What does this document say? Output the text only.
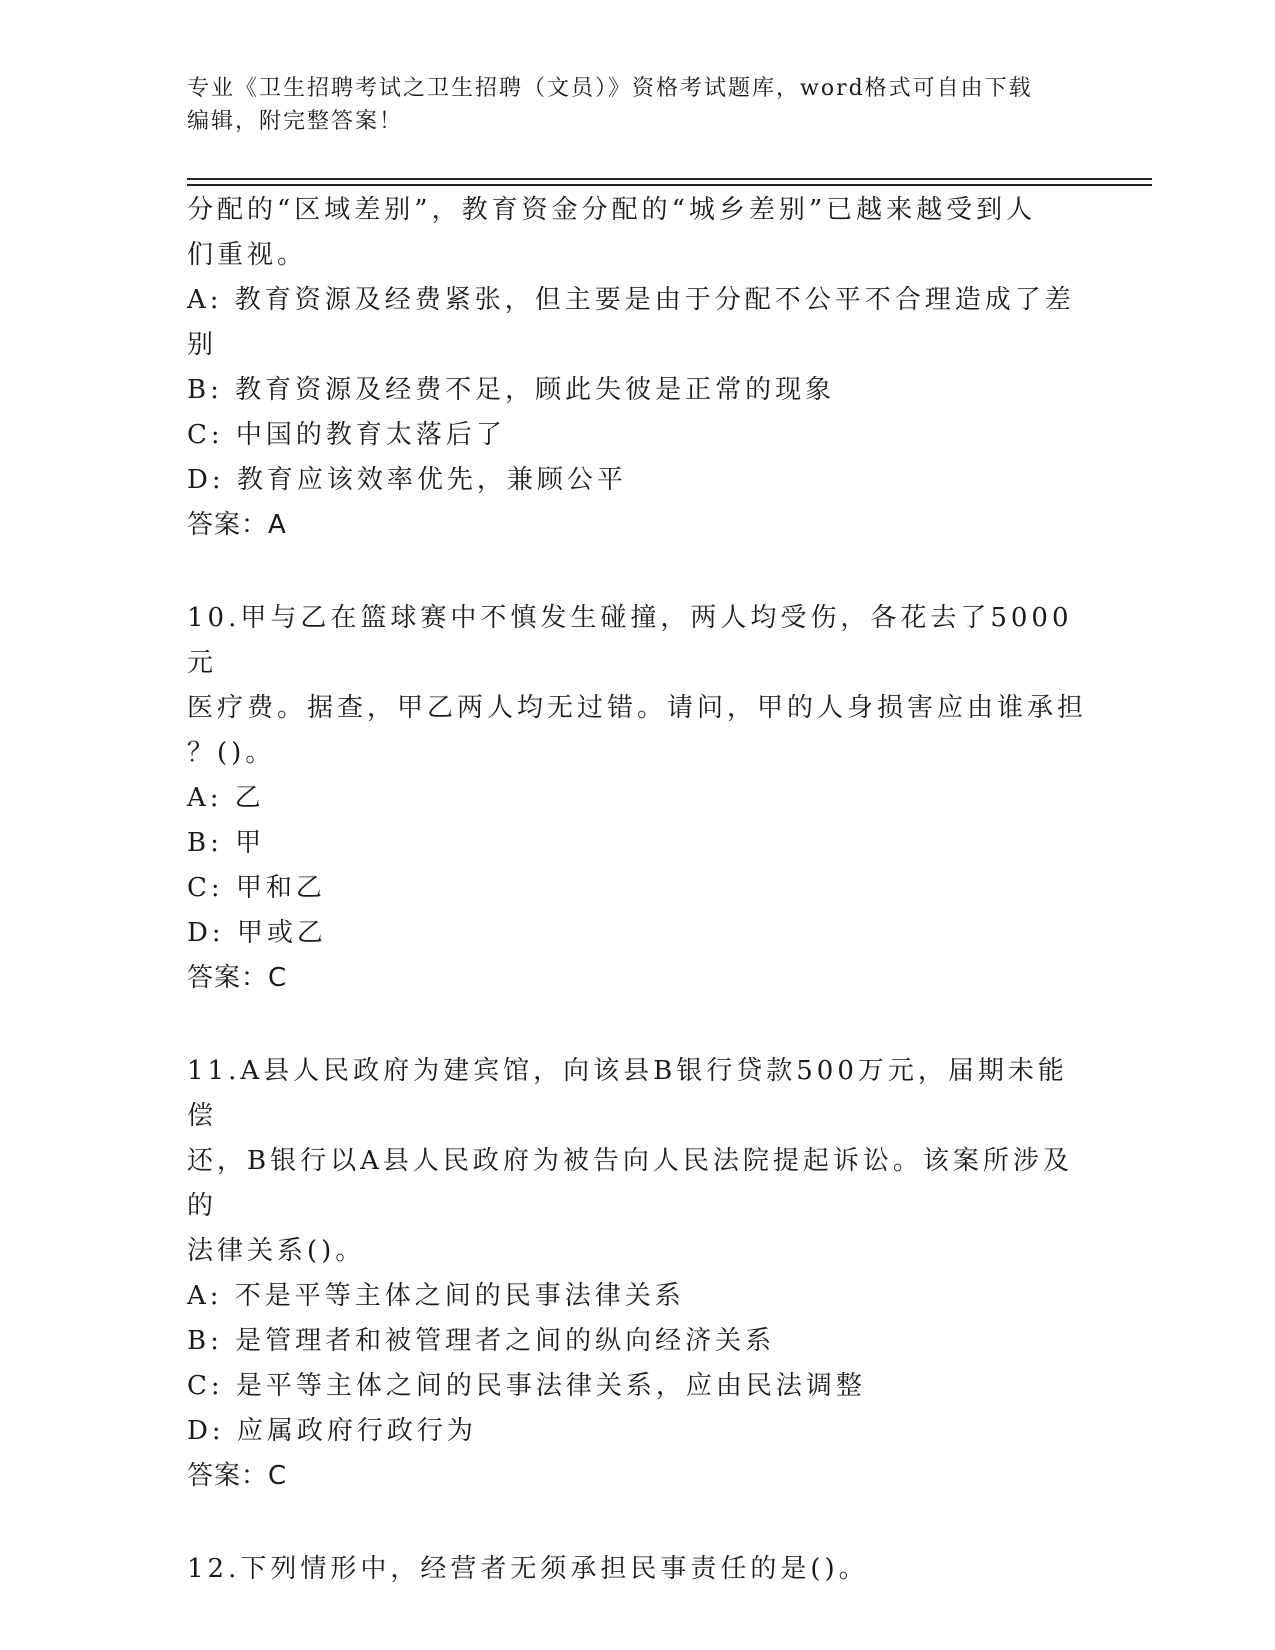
专业《卫生招聘考试之卫生招聘（文员）》资格考试题库，word格式可自由下载
编辑，附完整答案！

分配的“区域差别”，教育资金分配的“城乡差别”已越来越受到人

们重视。

A: 教育资源及经费紧张，但主要是由于分配不公平不合理造成了差别

B: 教育资源及经费不足，顾此失彼是正常的现象

C: 中国的教育太落后了

D: 教育应该效率优先，兼顾公平

答案：A

10.甲与乙在篮球赛中不慎发生碰撞，两人均受伤，各花去了5000元

医疗费。据查，甲乙两人均无过错。请问，甲的人身损害应由谁承担

？()。

A: 乙

B: 甲

C: 甲和乙

D: 甲或乙

答案：C

11.A县人民政府为建宾馆，向该县B银行贷款500万元，届期未能偿

还，B银行以A县人民政府为被告向人民法院提起诉讼。该案所涉及的

法律关系()。

A: 不是平等主体之间的民事法律关系

B: 是管理者和被管理者之间的纵向经济关系

C: 是平等主体之间的民事法律关系，应由民法调整

D: 应属政府行政行为

答案：C

12.下列情形中，经营者无须承担民事责任的是()。
